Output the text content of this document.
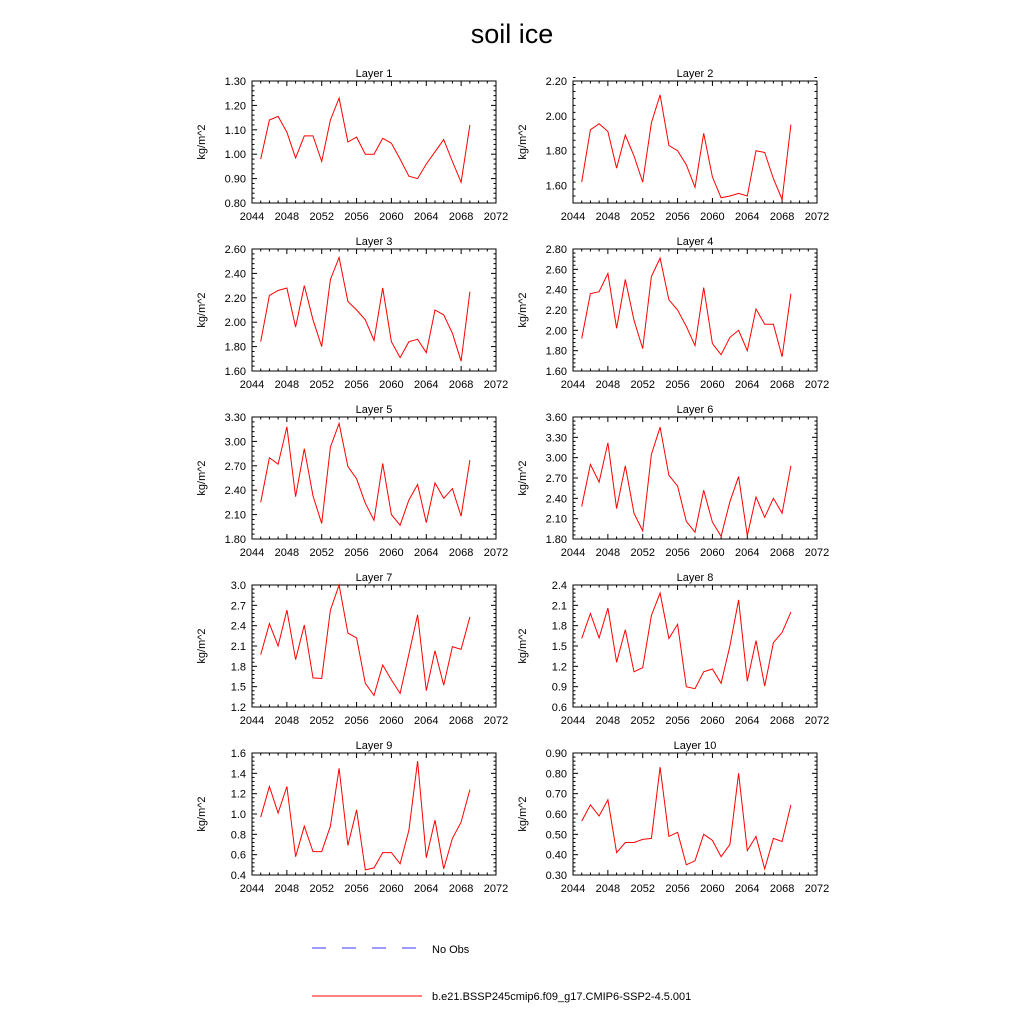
soil ice
Layer 1
kg/m^2
2044 2048 2052 2056 2060 2064 2068 2072
0.80
0.90
1.00
1.10
1.20
1.30
Layer 2
kg/m^2
2044 2048 2052 2056 2060 2064 2068 2072
1.60
1.80
2.00
2.20
Layer 3
kg/m^2
2044 2048 2052 2056 2060 2064 2068 2072
1.60
1.80
2.00
2.20
2.40
2.60
Layer 4
kg/m^2
2044 2048 2052 2056 2060 2064 2068 2072
1.60
1.80
2.00
2.20
2.40
2.60
2.80
Layer 5
kg/m^2
2044 2048 2052 2056 2060 2064 2068 2072
1.80
2.10
2.40
2.70
3.00
3.30
Layer 6
kg/m^2
2044 2048 2052 2056 2060 2064 2068 2072
1.80
2.10
2.40
2.70
3.00
3.30
3.60
Layer 7
kg/m^2
2044 2048 2052 2056 2060 2064 2068 2072
1.2
1.5
1.8
2.1
2.4
2.7
3.0
Layer 8
kg/m^2
2044 2048 2052 2056 2060 2064 2068 2072
0.6
0.9
1.2
1.5
1.8
2.1
2.4
Layer 9
kg/m^2
2044 2048 2052 2056 2060 2064 2068 2072
0.4
0.6
0.8
1.0
1.2
1.4
1.6
Layer 10
kg/m^2
2044 2048 2052 2056 2060 2064 2068 2072
0.30
0.40
0.50
0.60
0.70
0.80
0.90
No Obs
b.e21.BSSP245cmip6.f09_g17.CMIP6-SSP2-4.5.001
